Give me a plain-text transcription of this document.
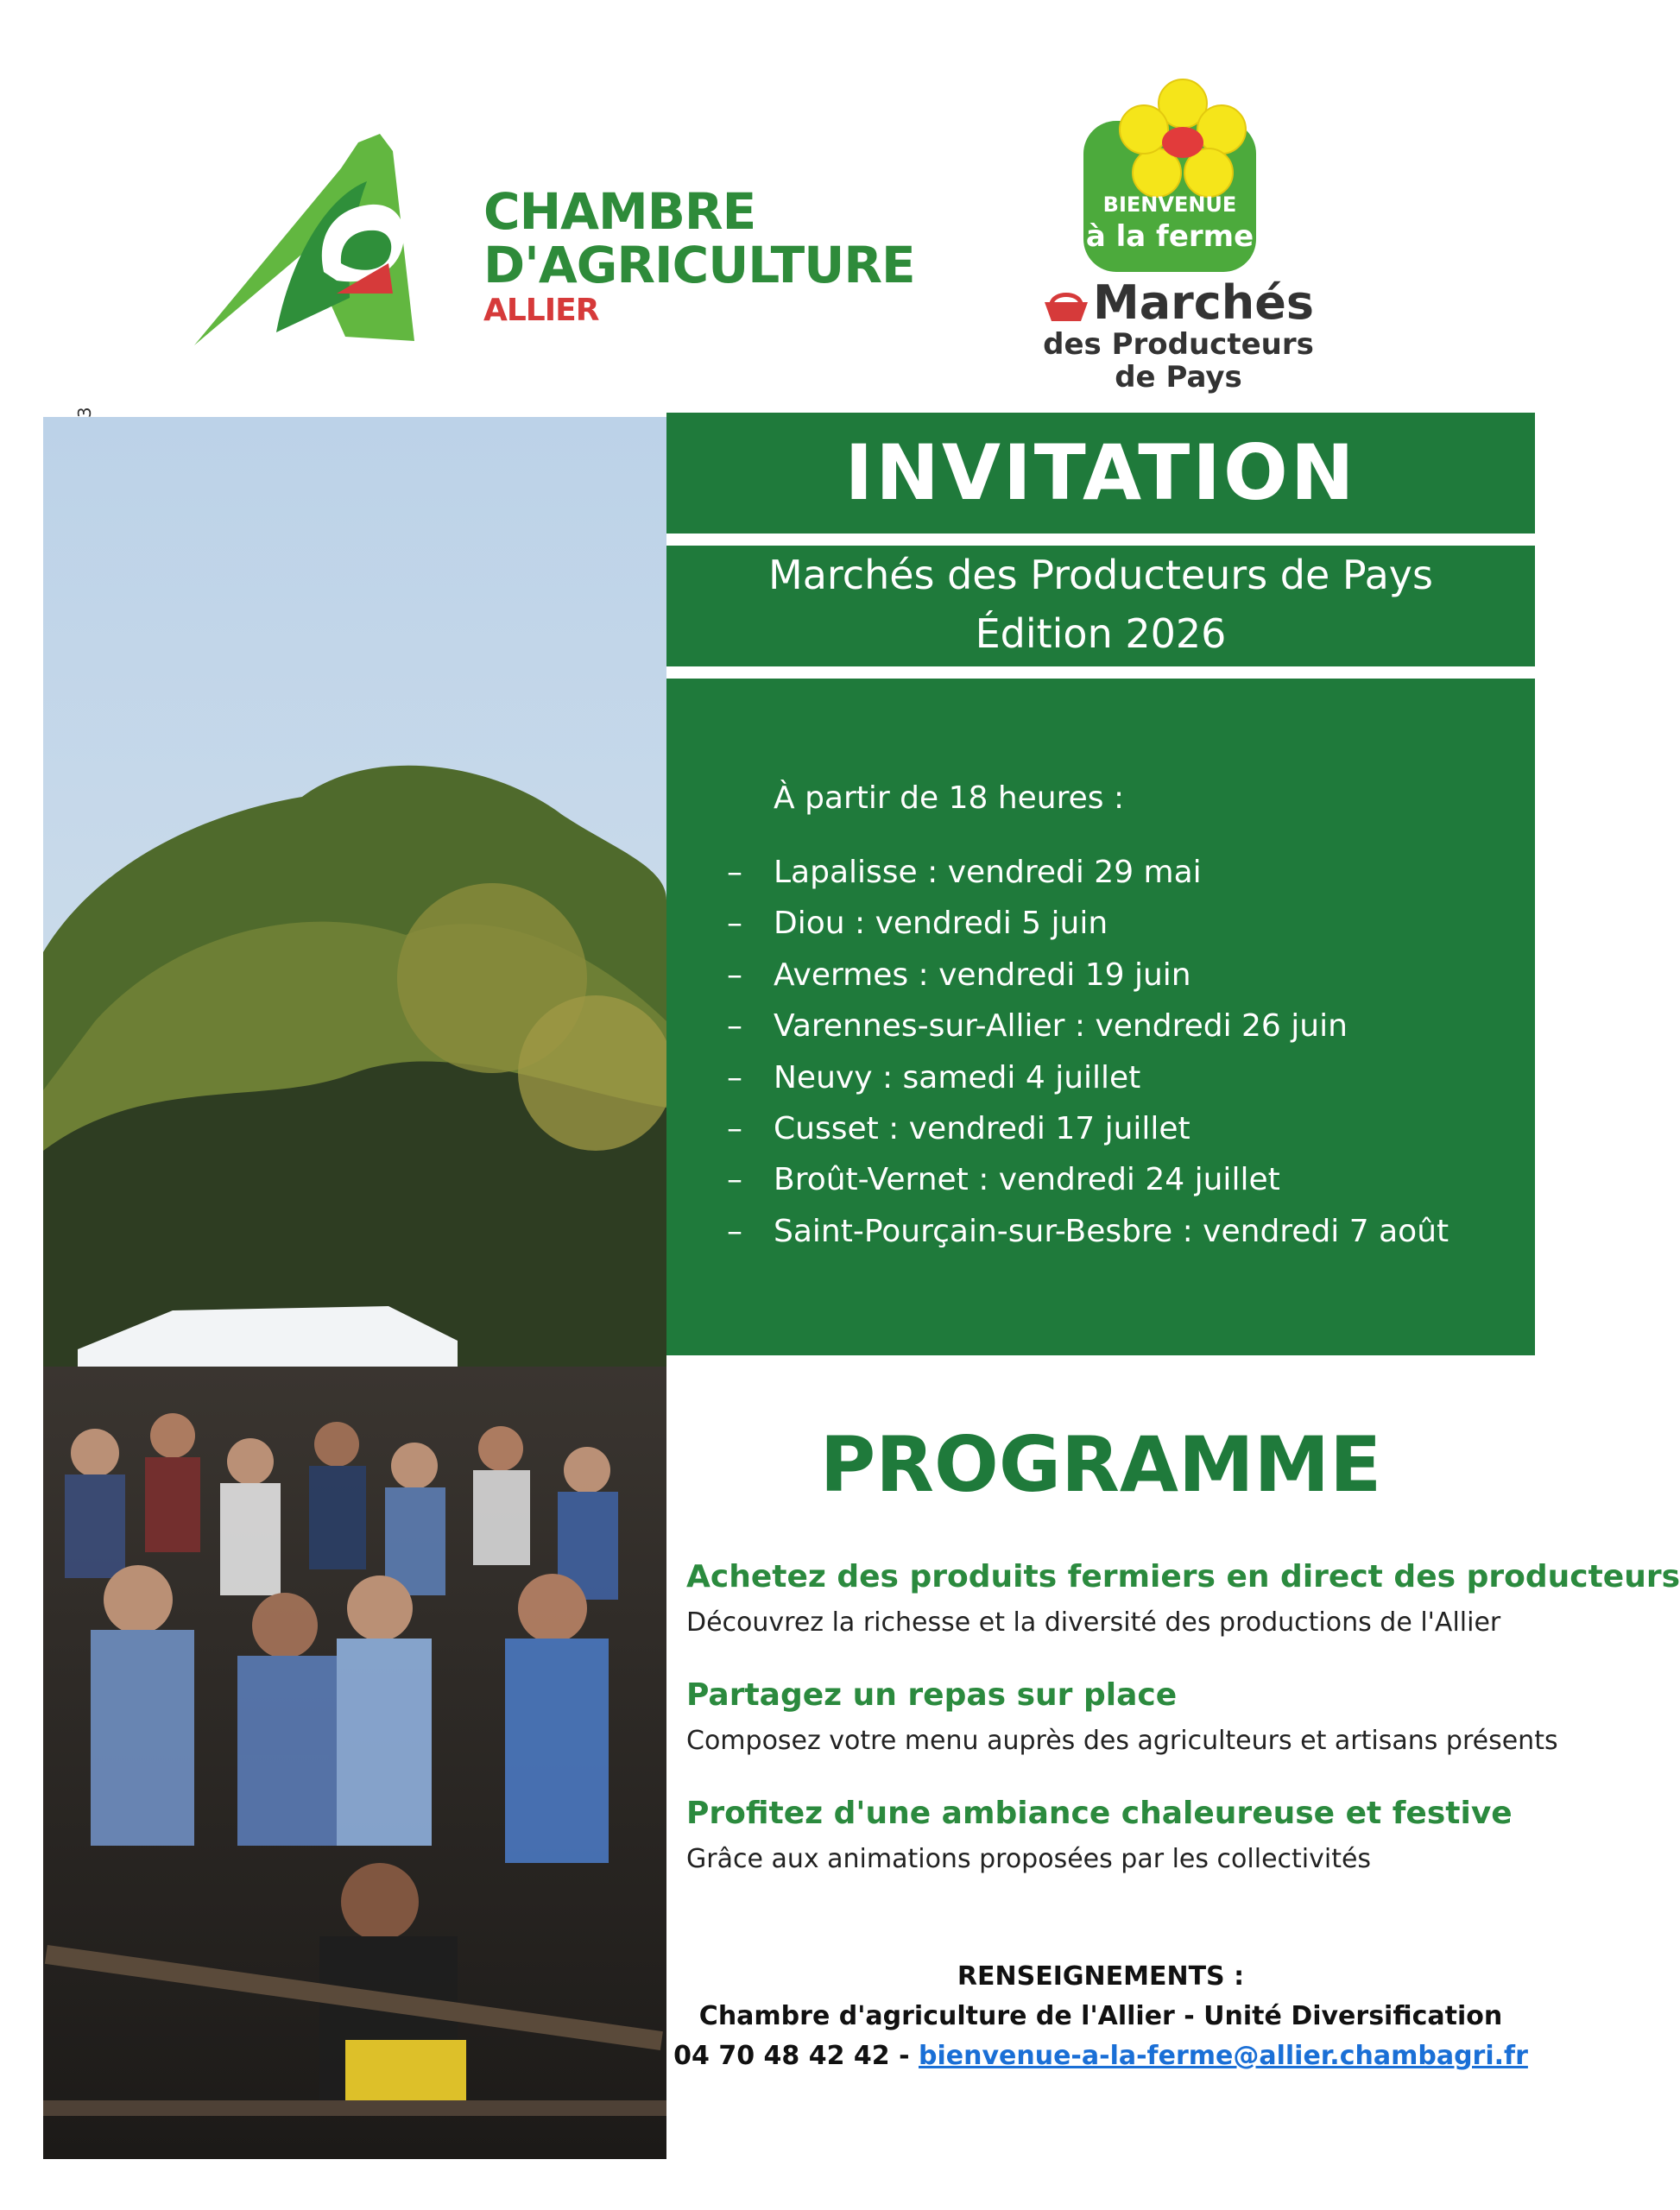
CHAMBRE
D'AGRICULTURE
ALLIER
BIENVENUE
à la ferme
Marchés
des Producteurs
de Pays
INVITATION
Marchés des Producteurs de Pays
Édition 2026
À partir de 18 heures :
– Lapalisse : vendredi 29 mai
– Diou : vendredi 5 juin
– Avermes : vendredi 19 juin
– Varennes-sur-Allier : vendredi 26 juin
– Neuvy : samedi 4 juillet
– Cusset : vendredi 17 juillet
– Broût-Vernet : vendredi 24 juillet
– Saint-Pourçain-sur-Besbre : vendredi 7 août
PROGRAMME
Achetez des produits fermiers en direct des producteurs
Découvrez la richesse et la diversité des productions de l'Allier
Partagez un repas sur place
Composez votre menu auprès des agriculteurs et artisans présents
Profitez d'une ambiance chaleureuse et festive
Grâce aux animations proposées par les collectivités
RENSEIGNEMENTS :
Chambre d'agriculture de l'Allier - Unité Diversification
04 70 48 42 42 - bienvenue-a-la-ferme@allier.chambagri.fr
